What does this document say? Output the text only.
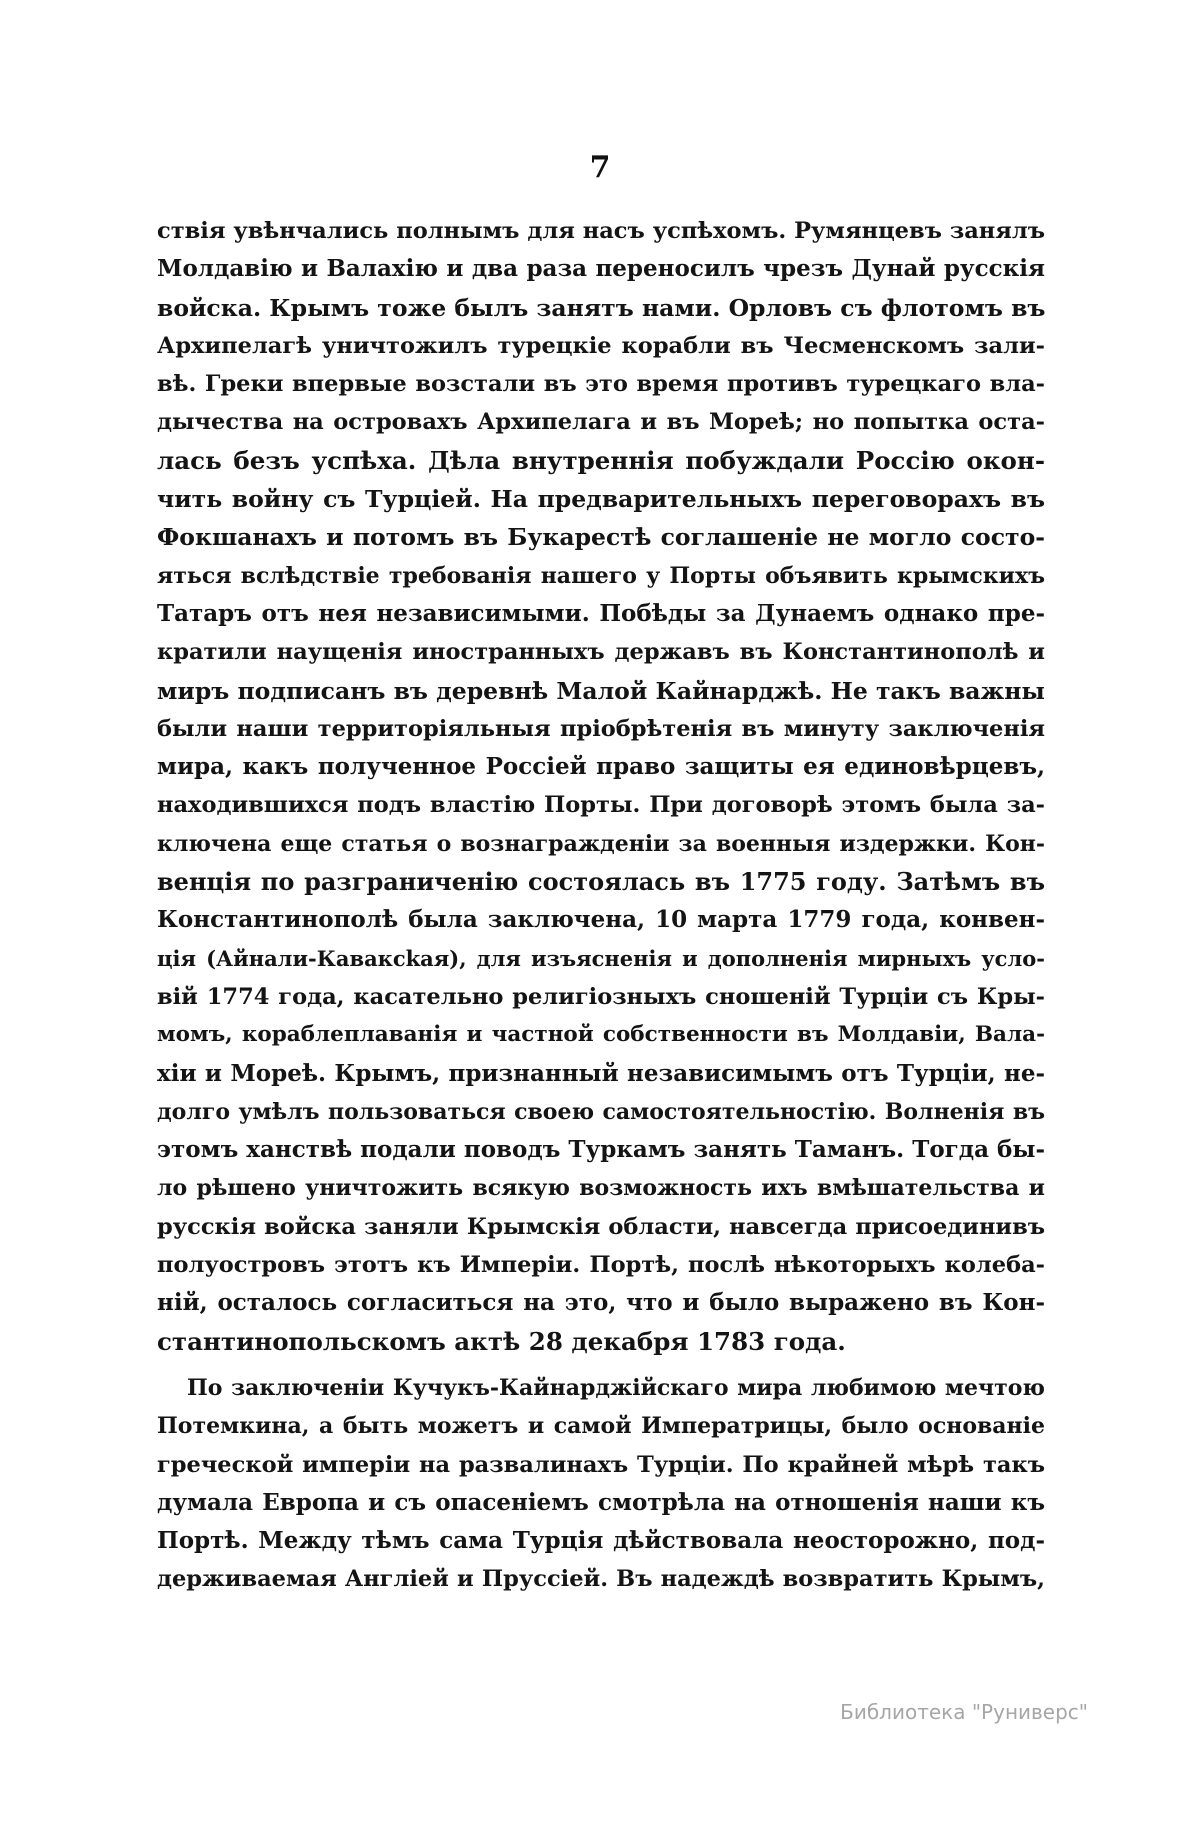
7
ствія увѣнчались полнымъ для насъ успѣхомъ. Румянцевъ занялъ
Молдавію и Валахію и два раза переносилъ чрезъ Дунай русскія
войска. Крымъ тоже былъ занятъ нами. Орловъ съ флотомъ въ
Архипелагѣ уничтожилъ турецкіе корабли въ Чесменскомъ зали-
вѣ. Греки впервые возстали въ это время противъ турецкаго вла-
дычества на островахъ Архипелага и въ Мореѣ; но попытка оста-
лась безъ успѣха. Дѣла внутреннія побуждали Россію окон-
чить войну съ Турціей. На предварительныхъ переговорахъ въ
Фокшанахъ и потомъ въ Букарестѣ соглашеніе не могло состо-
яться вслѣдствіе требованія нашего у Порты объявить крымскихъ
Татаръ отъ нея независимыми. Побѣды за Дунаемъ однако пре-
кратили наущенія иностранныхъ державъ въ Константинополѣ и
миръ подписанъ въ деревнѣ Малой Кайнарджѣ. Не такъ важны
были наши территоріяльныя пріобрѣтенія въ минуту заключенія
мира, какъ полученное Россіей право защиты ея единовѣрцевъ,
находившихся подъ властію Порты. При договорѣ этомъ была за-
ключена еще статья о вознагражденіи за военныя издержки. Кон-
венція по разграниченію состоялась въ 1775 году. Затѣмъ въ
Константинополѣ была заключена, 10 марта 1779 года, конвен-
ція (Айнали-Каваксkая), для изъясненія и дополненія мирныхъ усло-
вій 1774 года, касательно религіозныхъ сношеній Турціи съ Кры-
момъ, кораблеплаванія и частной собственности въ Молдавіи, Вала-
хіи и Мореѣ. Крымъ, признанный независимымъ отъ Турціи, не-
долго умѣлъ пользоваться своею самостоятельностію. Волненія въ
этомъ ханствѣ подали поводъ Туркамъ занять Таманъ. Тогда бы-
ло рѣшено уничтожить всякую возможность ихъ вмѣшательства и
русскія войска заняли Крымскія области, навсегда присоединивъ
полуостровъ этотъ къ Имперіи. Портѣ, послѣ нѣкоторыхъ колеба-
ній, осталось согласиться на это, что и было выражено въ Кон-
стантинопольскомъ актѣ 28 декабря 1783 года.
По заключеніи Кучукъ-Кайнарджійскаго мира любимою мечтою
Потемкина, а быть можетъ и самой Императрицы, было основаніе
греческой имперіи на развалинахъ Турціи. По крайней мѣрѣ такъ
думала Европа и съ опасеніемъ смотрѣла на отношенія наши къ
Портѣ. Между тѣмъ сама Турція дѣйствовала неосторожно, под-
держиваемая Англіей и Пруссіей. Въ надеждѣ возвратить Крымъ,
Библиотека "Руниверс"
